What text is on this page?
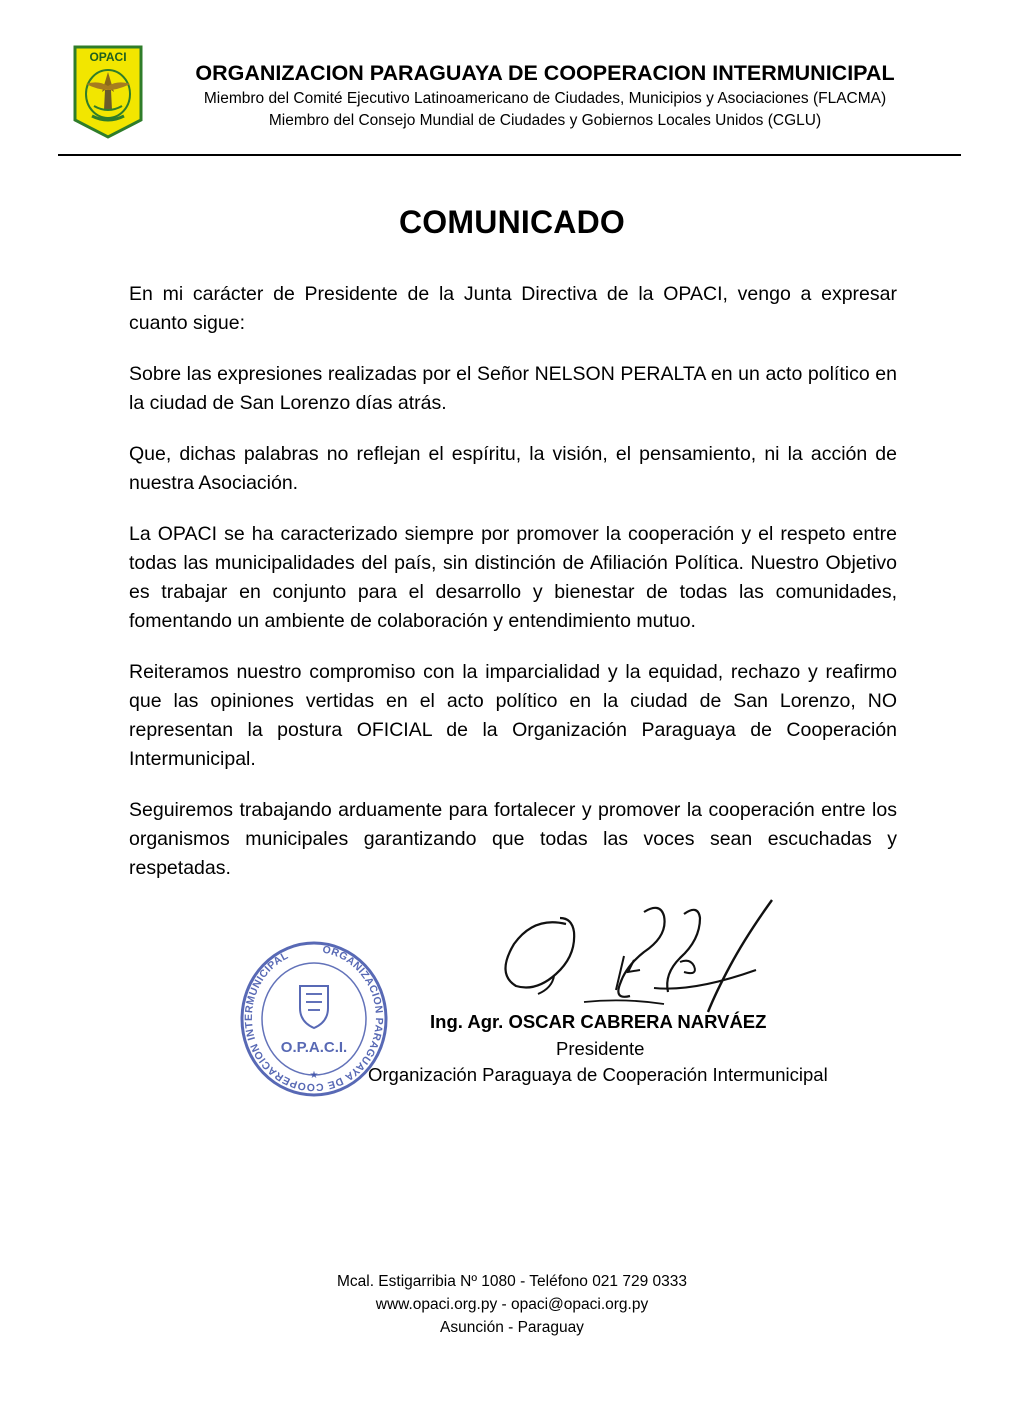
OPACI
ORGANIZACION PARAGUAYA DE COOPERACION INTERMUNICIPAL
Miembro del Comité Ejecutivo Latinoamericano de Ciudades, Municipios y Asociaciones (FLACMA)
Miembro del Consejo Mundial de Ciudades y Gobiernos Locales Unidos (CGLU)
COMUNICADO

En mi carácter de Presidente de la Junta Directiva de la OPACI, vengo a expresar cuanto sigue:

Sobre las expresiones realizadas por el Señor NELSON PERALTA en un acto político en la ciudad de San Lorenzo días atrás.

Que, dichas palabras no reflejan el espíritu, la visión, el pensamiento, ni la acción de nuestra Asociación.

La OPACI se ha caracterizado siempre por promover la cooperación y el respeto entre todas las municipalidades del país, sin distinción de Afiliación Política. Nuestro Objetivo es trabajar en conjunto para el desarrollo y bienestar de todas las comunidades, fomentando un ambiente de colaboración y entendimiento mutuo.

Reiteramos nuestro compromiso con la imparcialidad y la equidad, rechazo y reafirmo que las opiniones vertidas en el acto político en la ciudad de San Lorenzo, NO representan la postura OFICIAL de la Organización Paraguaya de Cooperación Intermunicipal.

Seguiremos trabajando arduamente para fortalecer y promover la cooperación entre los organismos municipales garantizando que todas las voces sean escuchadas y respetadas.

ORGANIZACION PARAGUAYA DE COOPERACION INTERMUNICIPAL
O.P.A.C.I.
★
Ing. Agr. OSCAR CABRERA NARVÁEZ
Presidente
Organización Paraguaya de Cooperación Intermunicipal
Mcal. Estigarribia Nº 1080 - Teléfono 021 729 0333
www.opaci.org.py - opaci@opaci.org.py
Asunción - Paraguay
